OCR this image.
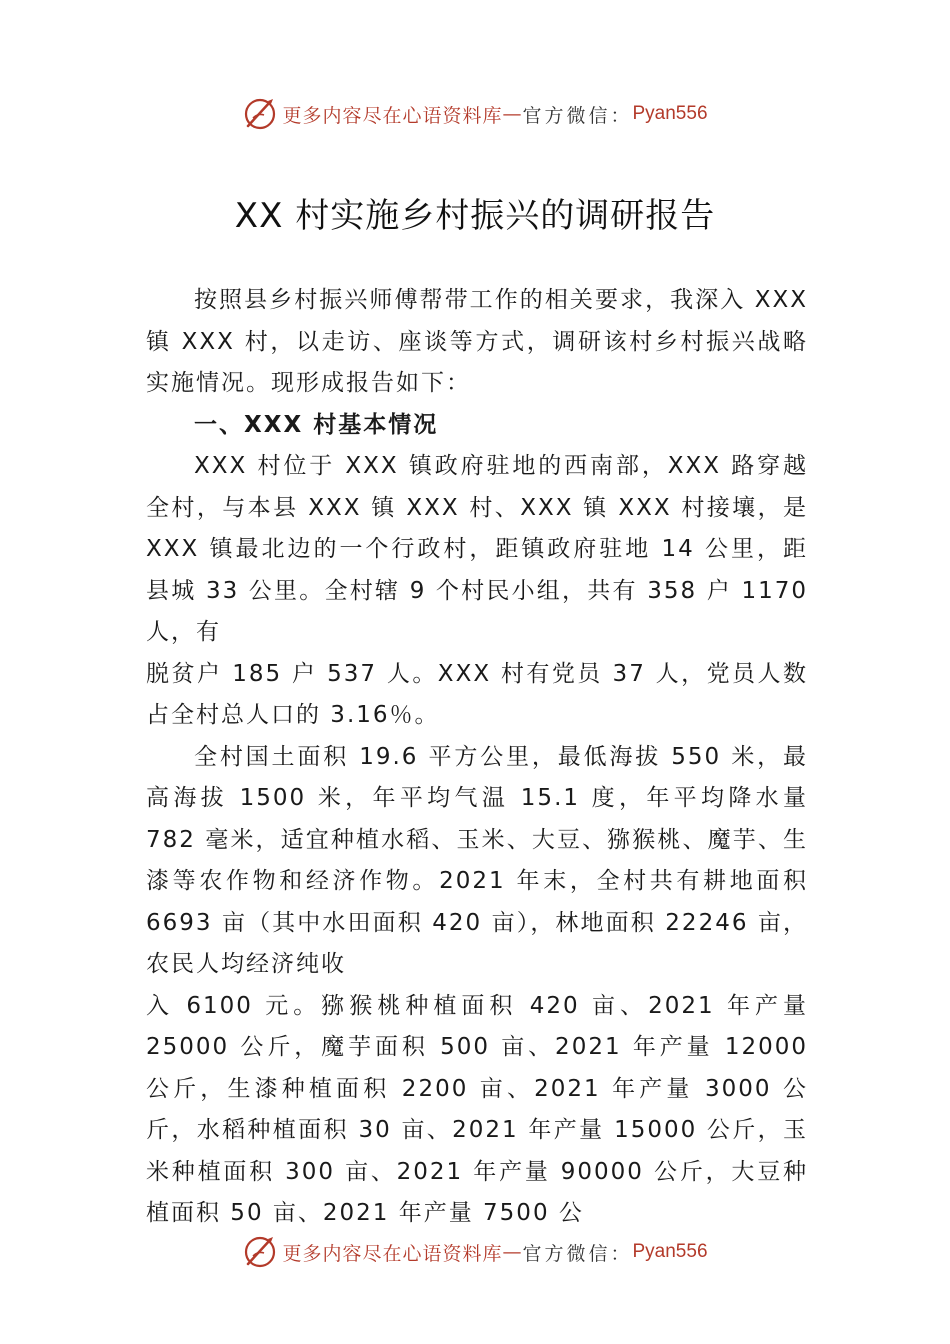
更多内容尽在心语资料库 — 官方微信： Pyan556
XX 村实施乡村振兴的调研报告

按照县乡村振兴师傅帮带工作的相关要求，我深入 XXX 镇 XXX 村，以走访、座谈等方式，调研该村乡村振兴战略实施情况。现形成报告如下：

一、XXX 村基本情况

XXX 村位于 XXX 镇政府驻地的西南部，XXX 路穿越全村，与本县 XXX 镇 XXX 村、XXX 镇 XXX 村接壤，是 XXX 镇最北边的一个行政村，距镇政府驻地 14 公里，距县城 33 公里。全村辖 9 个村民小组，共有 358 户 1170 人，有

脱贫户 185 户 537 人。XXX 村有党员 37 人，党员人数占全村总人口的 3.16％。

全村国土面积 19.6 平方公里，最低海拔 550 米，最高海拔 1500 米，年平均气温 15.1 度，年平均降水量 782 毫米，适宜种植水稻、玉米、大豆、猕猴桃、魔芋、生漆等农作物和经济作物。2021 年末，全村共有耕地面积 6693 亩（其中水田面积 420 亩），林地面积 22246 亩，农民人均经济纯收

入 6100 元。猕猴桃种植面积 420 亩、2021 年产量 25000 公斤，魔芋面积 500 亩、2021 年产量 12000 公斤，生漆种植面积 2200 亩、2021 年产量 3000 公斤，水稻种植面积 30 亩、2021 年产量 15000 公斤，玉米种植面积 300 亩、2021 年产量 90000 公斤，大豆种植面积 50 亩、2021 年产量 7500 公

更多内容尽在心语资料库 — 官方微信： Pyan556
